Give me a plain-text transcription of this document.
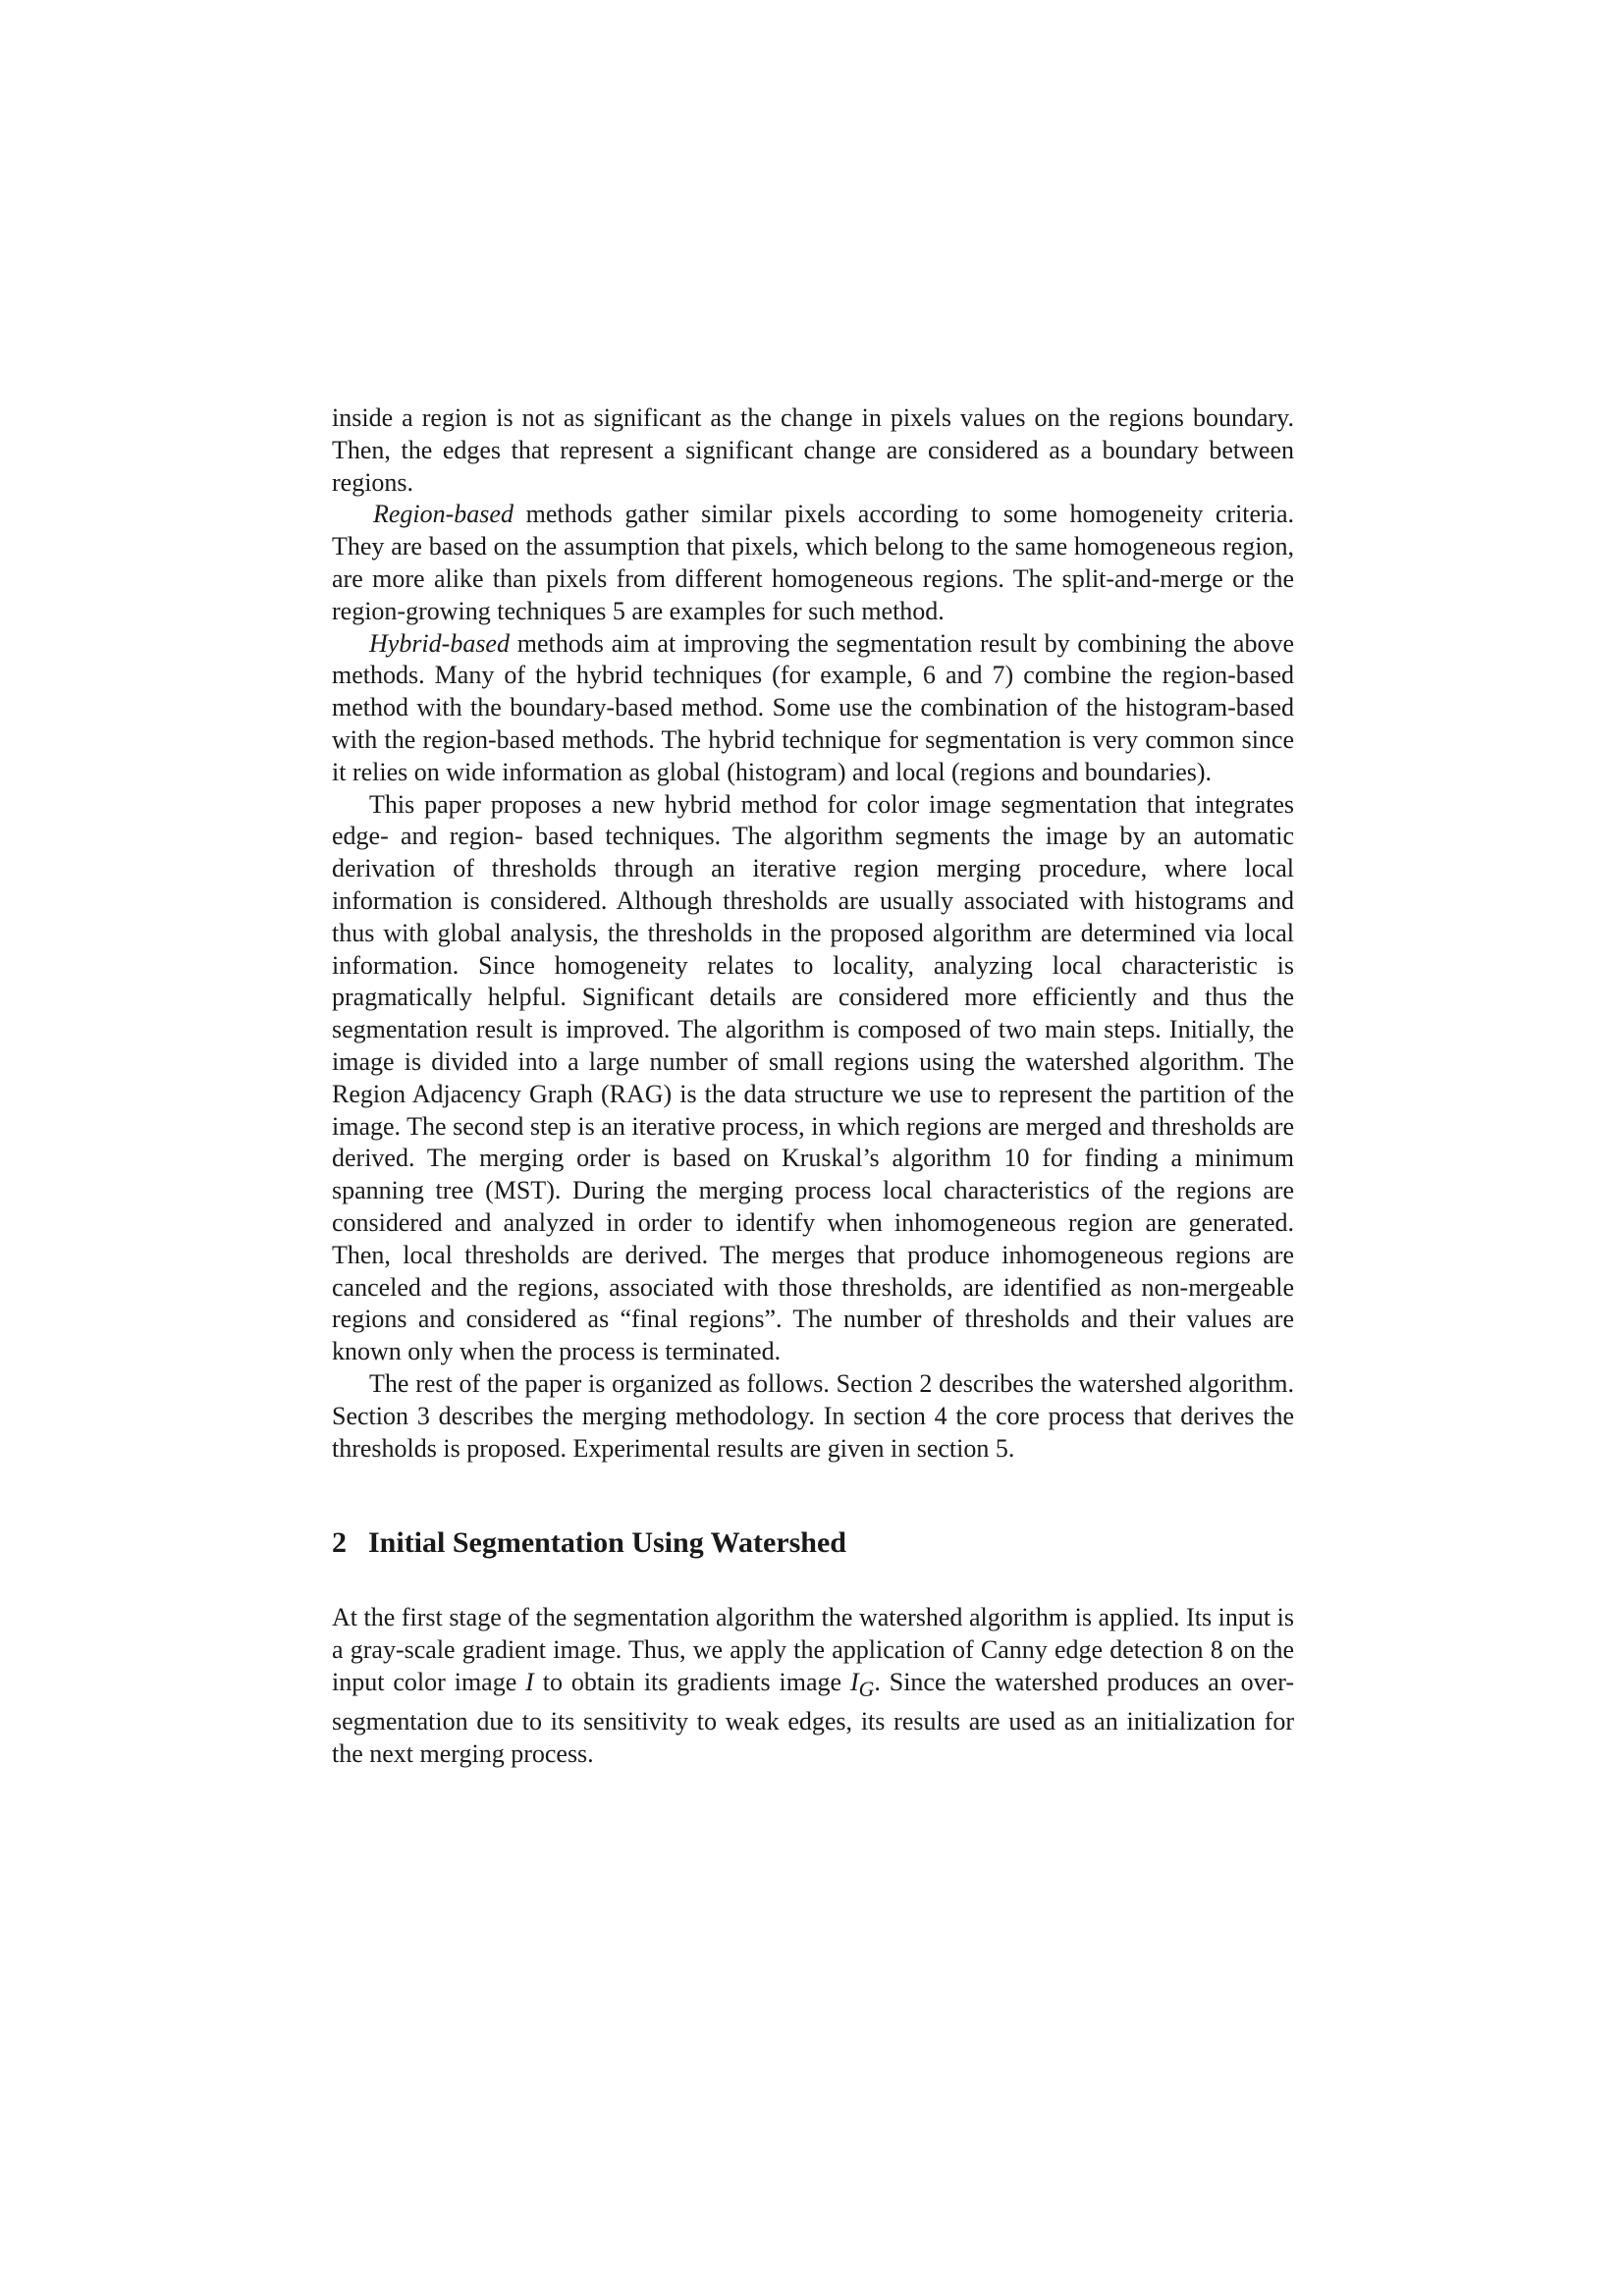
inside a region is not as significant as the change in pixels values on the regions boundary. Then, the edges that represent a significant change are considered as a boundary between regions.

Region-based methods gather similar pixels according to some homogeneity criteria. They are based on the assumption that pixels, which belong to the same homogeneous region, are more alike than pixels from different homogeneous regions. The split-and-merge or the region-growing techniques 5 are examples for such method.

Hybrid-based methods aim at improving the segmentation result by combining the above methods. Many of the hybrid techniques (for example, 6 and 7) combine the region-based method with the boundary-based method. Some use the combination of the histogram-based with the region-based methods. The hybrid technique for segmentation is very common since it relies on wide information as global (histogram) and local (regions and boundaries).

This paper proposes a new hybrid method for color image segmentation that integrates edge- and region- based techniques. The algorithm segments the image by an automatic derivation of thresholds through an iterative region merging procedure, where local information is considered. Although thresholds are usually associated with histograms and thus with global analysis, the thresholds in the proposed algorithm are determined via local information. Since homogeneity relates to locality, analyzing local characteristic is pragmatically helpful. Significant details are considered more efficiently and thus the segmentation result is improved. The algorithm is composed of two main steps. Initially, the image is divided into a large number of small regions using the watershed algorithm. The Region Adjacency Graph (RAG) is the data structure we use to represent the partition of the image. The second step is an iterative process, in which regions are merged and thresholds are derived. The merging order is based on Kruskal’s algorithm 10 for finding a minimum spanning tree (MST). During the merging process local characteristics of the regions are considered and analyzed in order to identify when inhomogeneous region are generated. Then, local thresholds are derived. The merges that produce inhomogeneous regions are canceled and the regions, associated with those thresholds, are identified as non-mergeable regions and considered as “final regions”. The number of thresholds and their values are known only when the process is terminated.

The rest of the paper is organized as follows. Section 2 describes the watershed algorithm. Section 3 describes the merging methodology. In section 4 the core process that derives the thresholds is proposed. Experimental results are given in section 5.

2 Initial Segmentation Using Watershed

At the first stage of the segmentation algorithm the watershed algorithm is applied. Its input is a gray-scale gradient image. Thus, we apply the application of Canny edge detection 8 on the input color image I to obtain its gradients image $I_G$. Since the watershed produces an over-segmentation due to its sensitivity to weak edges, its results are used as an initialization for the next merging process.
